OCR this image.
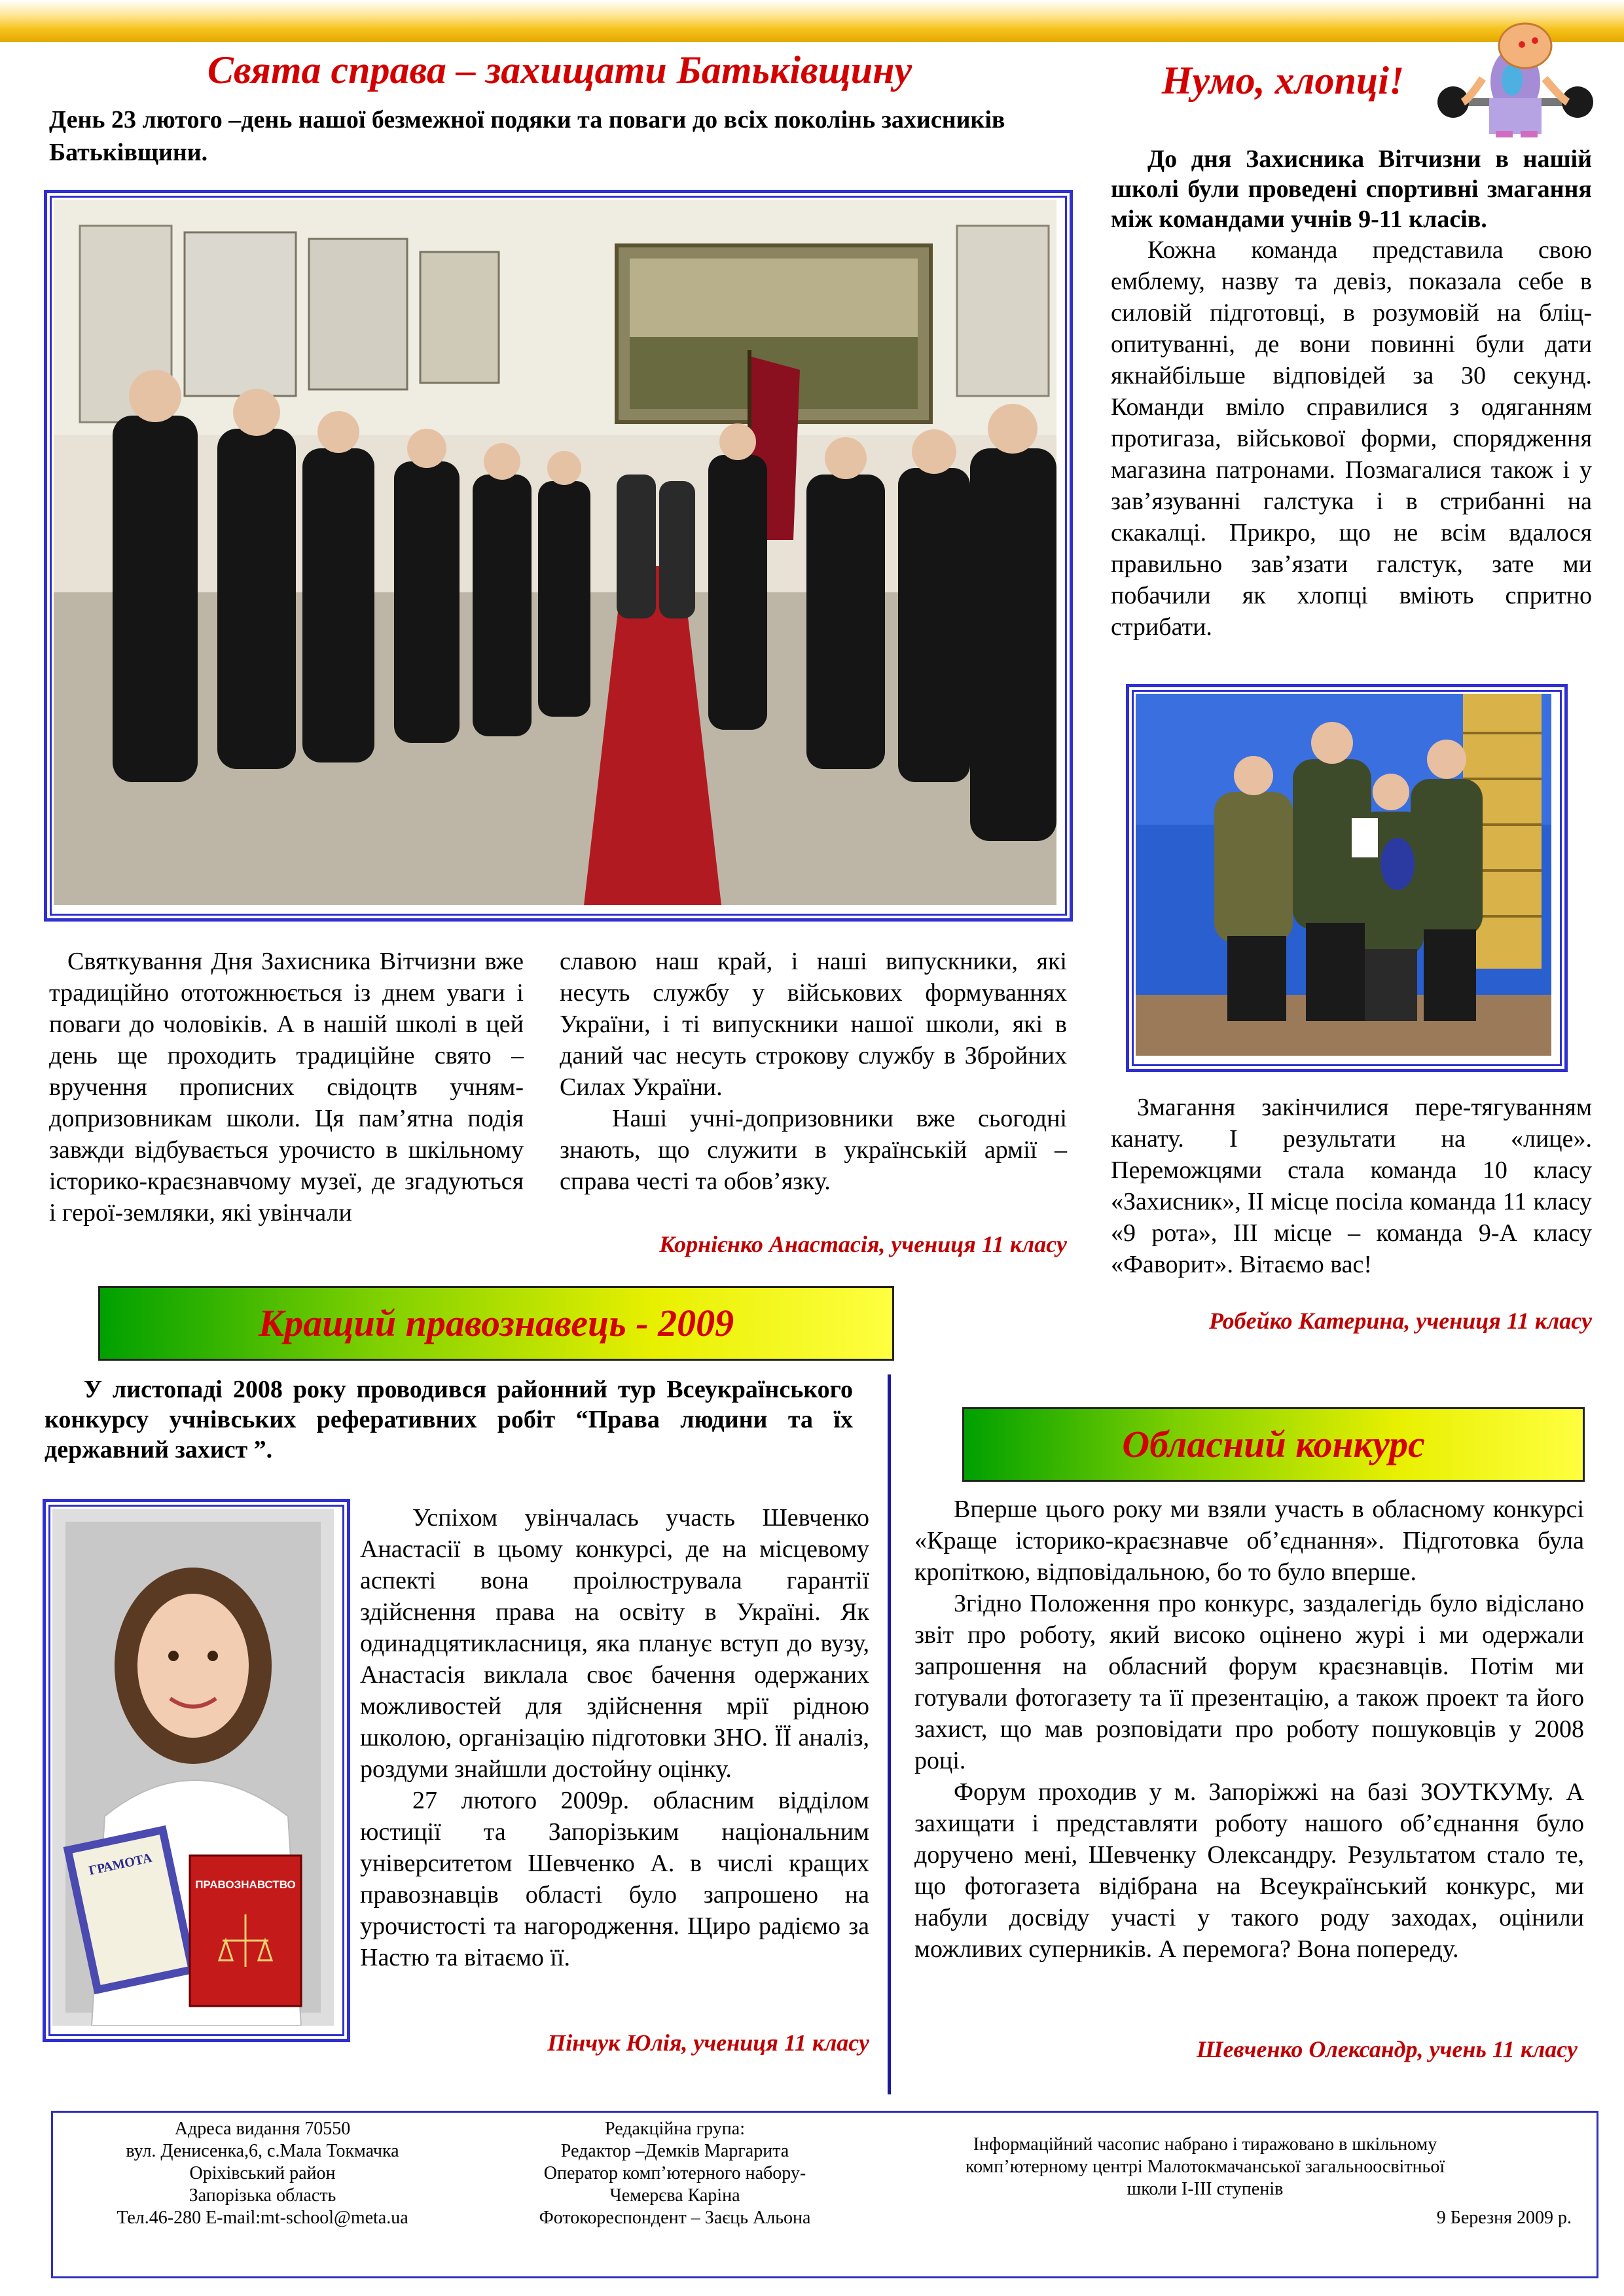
Свята справа – захищати Батьківщину
День 23 лютого –день нашої безмежної подяки та поваги до всіх поколінь захисників Батьківщини.

Святкування Дня Захисника Вітчизни вже традиційно ототожнюється із днем уваги і поваги до чоловіків. А в нашій школі в цей день ще проходить традиційне свято – вручення прописних свідоцтв учням-допризовникам школи. Ця пам’ятна подія завжди відбувається урочисто в шкільному історико-краєзнавчому музеї, де згадуються і герої-земляки, які увінчали

славою наш край, і наші випускники, які несуть службу у військових формуваннях України, і ті випускники нашої школи, які в даний час несуть строкову службу в Збройних Силах України.

Наші учні-допризовники вже сьогодні знають, що служити в українській армії – справа честі та обов’язку.

Корнієнко Анастасія, учениця 11 класу
Нумо, хлопці!

До дня Захисника Вітчизни в нашій школі були проведені спортивні змагання між командами учнів 9-11 класів.

Кожна команда представила свою емблему, назву та девіз, показала себе в силовій підготовці, в розумовій на бліц-опитуванні, де вони повинні були дати якнайбільше відповідей за 30 секунд. Команди вміло справилися з одяганням протигаза, військової форми, спорядження магазина патронами. Позмагалися також і у зав’язуванні галстука і в стрибанні на скакалці. Прикро, що не всім вдалося правильно зав’язати галстук, зате ми побачили як хлопці вміють спритно стрибати.

Змагання закінчилися пере-тягуванням канату. І результати на «лице». Переможцями стала команда 10 класу «Захисник», ІІ місце посіла команда 11 класу «9 рота», ІІІ місце – команда 9-А класу «Фаворит». Вітаємо вас!

Робейко Катерина, учениця 11 класу
Кращий правознавець - 2009
У листопаді 2008 року проводився районний тур Всеукраїнського конкурсу учнівських реферативних робіт “Права людини та їх державний захист ”.
ГРАМОТА
ПРАВОЗНАВСТВО

Успіхом увінчалась участь Шевченко Анастасії в цьому конкурсі, де на місцевому аспекті вона проілюструвала гарантії здійснення права на освіту в Україні. Як одинадцятикласниця, яка планує вступ до вузу, Анастасія виклала своє бачення одержаних можливостей для здійснення мрії рідною школою, організацію підготовки ЗНО. ЇЇ аналіз, роздуми знайшли достойну оцінку.

27 лютого 2009р. обласним відділом юстиції та Запорізьким національним університетом Шевченко А. в числі кращих правознавців області було запрошено на урочистості та нагородження. Щиро радіємо за Настю та вітаємо її.

Пінчук Юлія, учениця 11 класу
Обласний конкурс

Вперше цього року ми взяли участь в обласному конкурсі «Краще історико-краєзнавче об’єднання». Підготовка була кропіткою, відповідальною, бо то було вперше.

Згідно Положення про конкурс, заздалегідь було відіслано звіт про роботу, який високо оцінено журі і ми одержали запрошення на обласний форум краєзнавців. Потім ми готували фотогазету та її презентацію, а також проект та його захист, що мав розповідати про роботу пошуковців у 2008 році.

Форум проходив у м. Запоріжжі на базі ЗОУТКУМу. А захищати і представляти роботу нашого об’єднання було доручено мені, Шевченку Олександру. Результатом стало те, що фотогазета відібрана на Всеукраїнський конкурс, ми набули досвіду участі у такого роду заходах, оцінили можливих суперників. А перемога? Вона попереду.

Шевченко Олександр, учень 11 класу
Адреса видання 70550
вул. Денисенка,6, с.Мала Токмачка
Оріхівський район
Запорізька область
Тел.46-280 E-mail:mt-school@meta.ua
Редакційна група:
Редактор –Демків Маргарита
Оператор комп’ютерного набору-
Чемерєва Каріна
Фотокореспондент – Заєць Альона
Інформаційний часопис набрано і тиражовано в шкільному
комп’ютерному центрі Малотокмачанської загальноосвітньої
школи І-ІІІ ступенів
9 Березня 2009 р.
